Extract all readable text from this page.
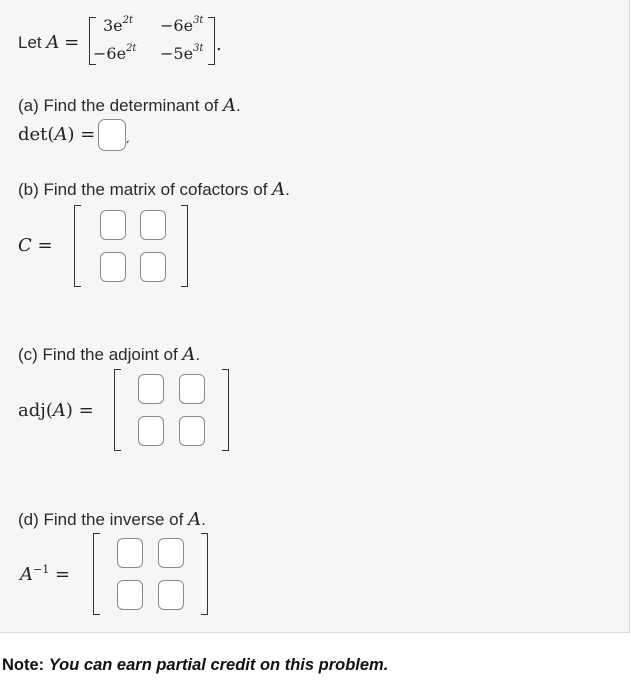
Let A =
$3e^{2t} -6e^{3t}$
$-6e^{2t} -5e^{3t}$ .
(a) Find the determinant of A.
det(A) =	,
(b) Find the matrix of cofactors of A.
C =
(c) Find the adjoint of A.
adj(A) =
(d) Find the inverse of A.
$A^{-1}$ =
Note: You can earn partial credit on this problem.
